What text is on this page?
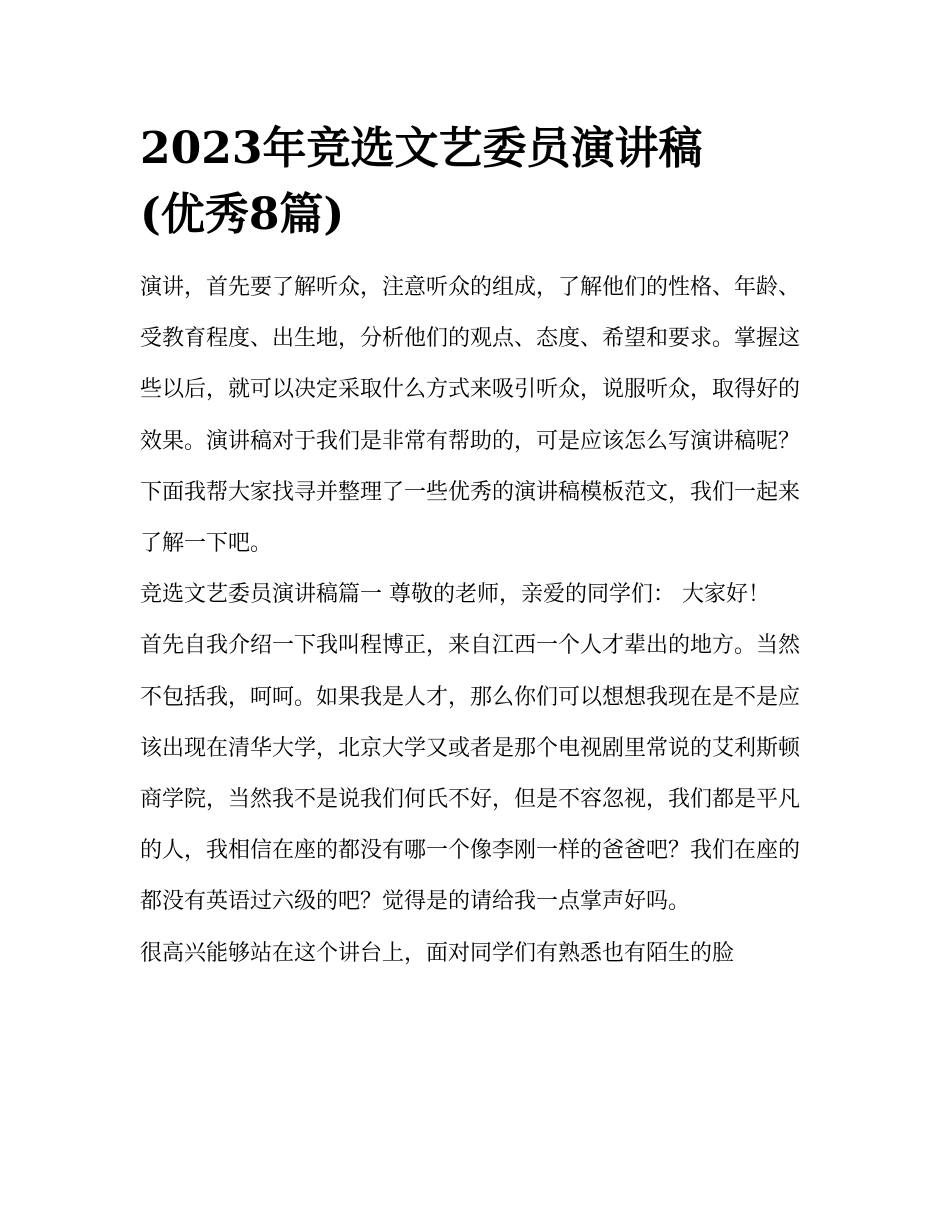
2023年竞选文艺委员演讲稿
(优秀8篇)

演讲，首先要了解听众，注意听众的组成，了解他们的性格、年龄、受教育程度、出生地，分析他们的观点、态度、希望和要求。掌握这些以后，就可以决定采取什么方式来吸引听众，说服听众，取得好的效果。演讲稿对于我们是非常有帮助的，可是应该怎么写演讲稿呢？下面我帮大家找寻并整理了一些优秀的演讲稿模板范文，我们一起来了解一下吧。

竞选文艺委员演讲稿篇一 尊敬的老师，亲爱的同学们： 大家好！

首先自我介绍一下我叫程博正，来自江西一个人才辈出的地方。当然不包括我，呵呵。如果我是人才，那么你们可以想想我现在是不是应该出现在清华大学，北京大学又或者是那个电视剧里常说的艾利斯顿商学院，当然我不是说我们何氏不好，但是不容忽视，我们都是平凡的人，我相信在座的都没有哪一个像李刚一样的爸爸吧？我们在座的都没有英语过六级的吧？觉得是的请给我一点掌声好吗。

很高兴能够站在这个讲台上，面对同学们有熟悉也有陌生的脸
